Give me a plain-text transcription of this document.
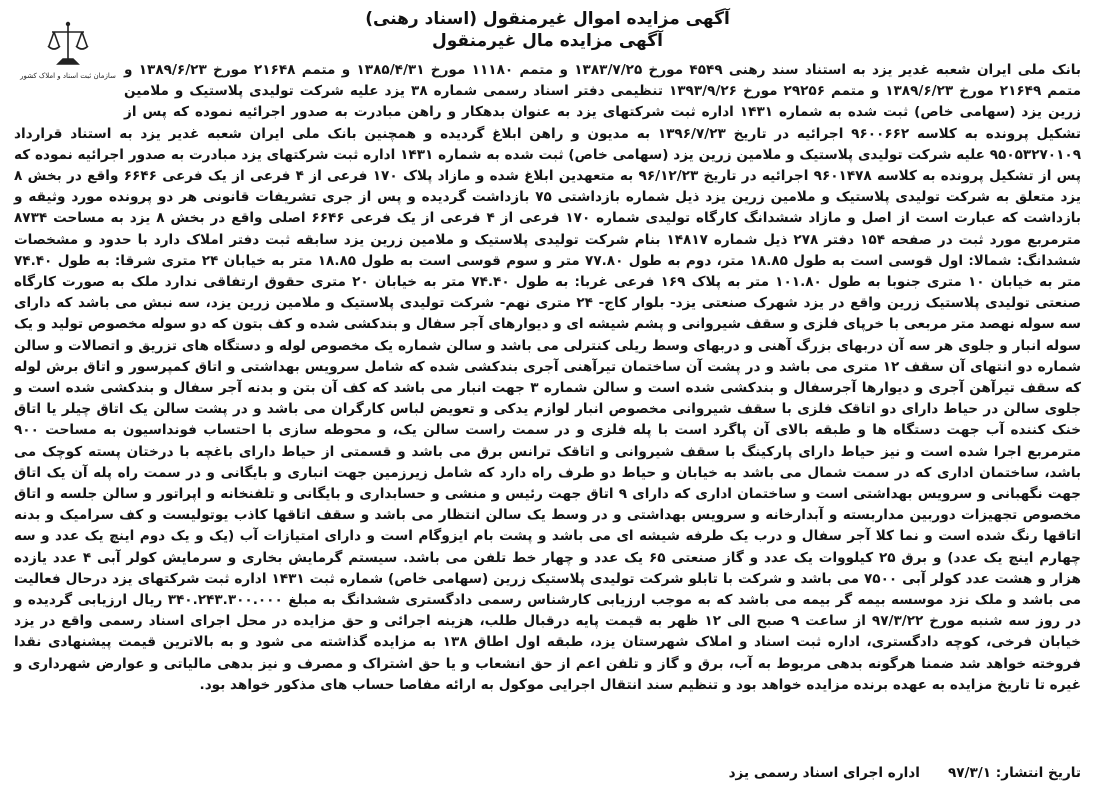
آگهی مزایده اموال غیرمنقول (اسناد رهنی)

آگهی مزایده مال غیرمنقول

سازمان ثبت اسناد و املاک کشور بانک ملی ایران شعبه غدیر یزد به استناد سند رهنی ۴۵۴۹ مورخ ۱۳۸۳/۷/۲۵ و متمم ۱۱۱۸۰ مورخ ۱۳۸۵/۴/۳۱ و متمم ۲۱۶۴۸ مورخ ۱۳۸۹/۶/۲۳ و متمم ۲۱۶۴۹ مورخ ۱۳۸۹/۶/۲۳ و متمم ۲۹۲۵۶ مورخ ۱۳۹۳/۹/۲۶ تنظیمی دفتر اسناد رسمی شماره ۳۸ یزد علیه شرکت تولیدی پلاستیک و ملامین زرین یزد (سهامی خاص) ثبت شده به شماره ۱۴۳۱ اداره ثبت شرکتهای یزد به عنوان بدهکار و راهن مبادرت به صدور اجرائیه نموده که پس از تشکیل پرونده به کلاسه ۹۶۰۰۶۶۲ اجرائیه در تاریخ ۱۳۹۶/۷/۲۳ به مدیون و راهن ابلاغ گردیده و همچنین بانک ملی ایران شعبه غدیر یزد به استناد قرارداد ۹۵۰۵۳۲۷۰۱۰۹ علیه شرکت تولیدی پلاستیک و ملامین زرین یزد (سهامی خاص) ثبت شده به شماره ۱۴۳۱ اداره ثبت شرکتهای یزد مبادرت به صدور اجرائیه نموده که پس از تشکیل پرونده به کلاسه ۹۶۰۱۴۷۸ اجرائیه در تاریخ ۹۶/۱۲/۲۳ به متعهدین ابلاغ شده و مازاد پلاک ۱۷۰ فرعی از ۴ فرعی از یک فرعی ۶۶۴۶ واقع در بخش ۸ یزد متعلق به شرکت تولیدی پلاستیک و ملامین زرین یزد ذیل شماره بازداشتی ۷۵ بازداشت گردیده و پس از جری تشریفات قانونی هر دو پرونده مورد وثیقه و بازداشت که عبارت است از اصل و مازاد ششدانگ کارگاه تولیدی شماره ۱۷۰ فرعی از ۴ فرعی از یک فرعی ۶۶۴۶ اصلی واقع در بخش ۸ یزد به مساحت ۸۷۳۴ مترمربع مورد ثبت در صفحه ۱۵۴ دفتر ۲۷۸ ذیل شماره ۱۴۸۱۷ بنام شرکت تولیدی پلاستیک و ملامین زرین یزد سابقه ثبت دفتر املاک دارد با حدود و مشخصات ششدانگ: شمالا: اول قوسی است به طول ۱۸.۸۵ متر، دوم به طول ۷۷.۸۰ متر و سوم قوسی است به طول ۱۸.۸۵ متر به خیابان ۲۴ متری شرقا: به طول ۷۴.۴۰ متر به خیابان ۱۰ متری جنوبا به طول ۱۰۱.۸۰ متر به پلاک ۱۶۹ فرعی غربا: به طول ۷۴.۴۰ متر به خیابان ۲۰ متری حقوق ارتفاقی ندارد ملک به صورت کارگاه صنعتی تولیدی پلاستیک زرین واقع در یزد شهرک صنعتی یزد- بلوار کاج- ۲۴ متری نهم- شرکت تولیدی پلاستیک و ملامین زرین یزد، سه نبش می باشد که دارای سه سوله نهصد متر مربعی با خرپای فلزی و سقف شیروانی و پشم شیشه ای و دیوارهای آجر سفال و بندکشی شده و کف بتون که دو سوله مخصوص تولید و یک سوله انبار و جلوی هر سه آن دربهای بزرگ آهنی و دربهای وسط ریلی کنترلی می باشد و سالن شماره یک مخصوص لوله و دستگاه های تزریق و اتصالات و سالن شماره دو انتهای آن سقف ۱۲ متری می باشد و در پشت آن ساختمان تیرآهنی آجری بندکشی شده که شامل سرویس بهداشتی و اتاق کمپرسور و اتاق برش لوله که سقف تیرآهن آجری و دیوارها آجرسفال و بندکشی شده است و سالن شماره ۳ جهت انبار می باشد که کف آن بتن و بدنه آجر سفال و بندکشی شده است و جلوی سالن در حیاط دارای دو اتاقک فلزی با سقف شیروانی مخصوص انبار لوازم یدکی و تعویض لباس کارگران می باشد و در پشت سالن یک اتاق چیلر یا اتاق خنک کننده آب جهت دستگاه ها و طبقه بالای آن پاگرد است با پله فلزی و در سمت راست سالن یک، و محوطه سازی با احتساب فونداسیون به مساحت ۹۰۰ مترمربع اجرا شده است و نیز حیاط دارای پارکینگ با سقف شیروانی و اتاقک ترانس برق می باشد و قسمتی از حیاط دارای باغچه با درختان پسته کوچک می باشد، ساختمان اداری که در سمت شمال می باشد به خیابان و حیاط دو طرف راه دارد که شامل زیرزمین جهت انباری و بایگانی و در سمت راه پله آن یک اتاق جهت نگهبانی و سرویس بهداشتی است و ساختمان اداری که دارای ۹ اتاق جهت رئیس و منشی و حسابداری و بایگانی و تلفنخانه و اپراتور و سالن جلسه و اتاق مخصوص تجهیزات دوربین مداربسته و آبدارخانه و سرویس بهداشتی و در وسط یک سالن انتظار می باشد و سقف اتاقها کاذب یوتولیست و کف سرامیک و بدنه اتاقها رنگ شده است و نما کلا آجر سفال و درب یک طرفه شیشه ای می باشد و پشت بام ایزوگام است و دارای امتیازات آب (یک و یک دوم اینچ یک عدد و سه چهارم اینچ یک عدد) و برق ۲۵ کیلووات یک عدد و گاز صنعتی ۶۵ یک عدد و چهار خط تلفن می باشد. سیستم گرمایش بخاری و سرمایش کولر آبی ۴ عدد یازده هزار و هشت عدد کولر آبی ۷۵۰۰ می باشد و شرکت با تابلو شرکت تولیدی پلاستیک زرین (سهامی خاص) شماره ثبت ۱۴۳۱ اداره ثبت شرکتهای یزد درحال فعالیت می باشد و ملک نزد موسسه بیمه گر بیمه می باشد که به موجب ارزیابی کارشناس رسمی دادگستری ششدانگ به مبلغ ۳۴۰.۲۴۳.۳۰۰.۰۰۰ ریال ارزیابی گردیده و در روز سه شنبه مورخ ۹۷/۳/۲۲ از ساعت ۹ صبح الی ۱۲ ظهر به قیمت پایه درقبال طلب، هزینه اجرائی و حق مزایده در محل اجرای اسناد رسمی واقع در یزد خیابان فرخی، کوچه دادگستری، اداره ثبت اسناد و املاک شهرستان یزد، طبقه اول اطاق ۱۳۸ به مزایده گذاشته می شود و به بالاترین قیمت پیشنهادی نقدا فروخته خواهد شد ضمنا هرگونه بدهی مربوط به آب، برق و گاز و تلفن اعم از حق انشعاب و یا حق اشتراک و مصرف و نیز بدهی مالیاتی و عوارض شهرداری و غیره تا تاریخ مزایده به عهده برنده مزایده خواهد بود و تنظیم سند انتقال اجرایی موکول به ارائه مفاصا حساب های مذکور خواهد بود.

تاریخ انتشار: ۹۷/۳/۱
اداره اجرای اسناد رسمی یزد
